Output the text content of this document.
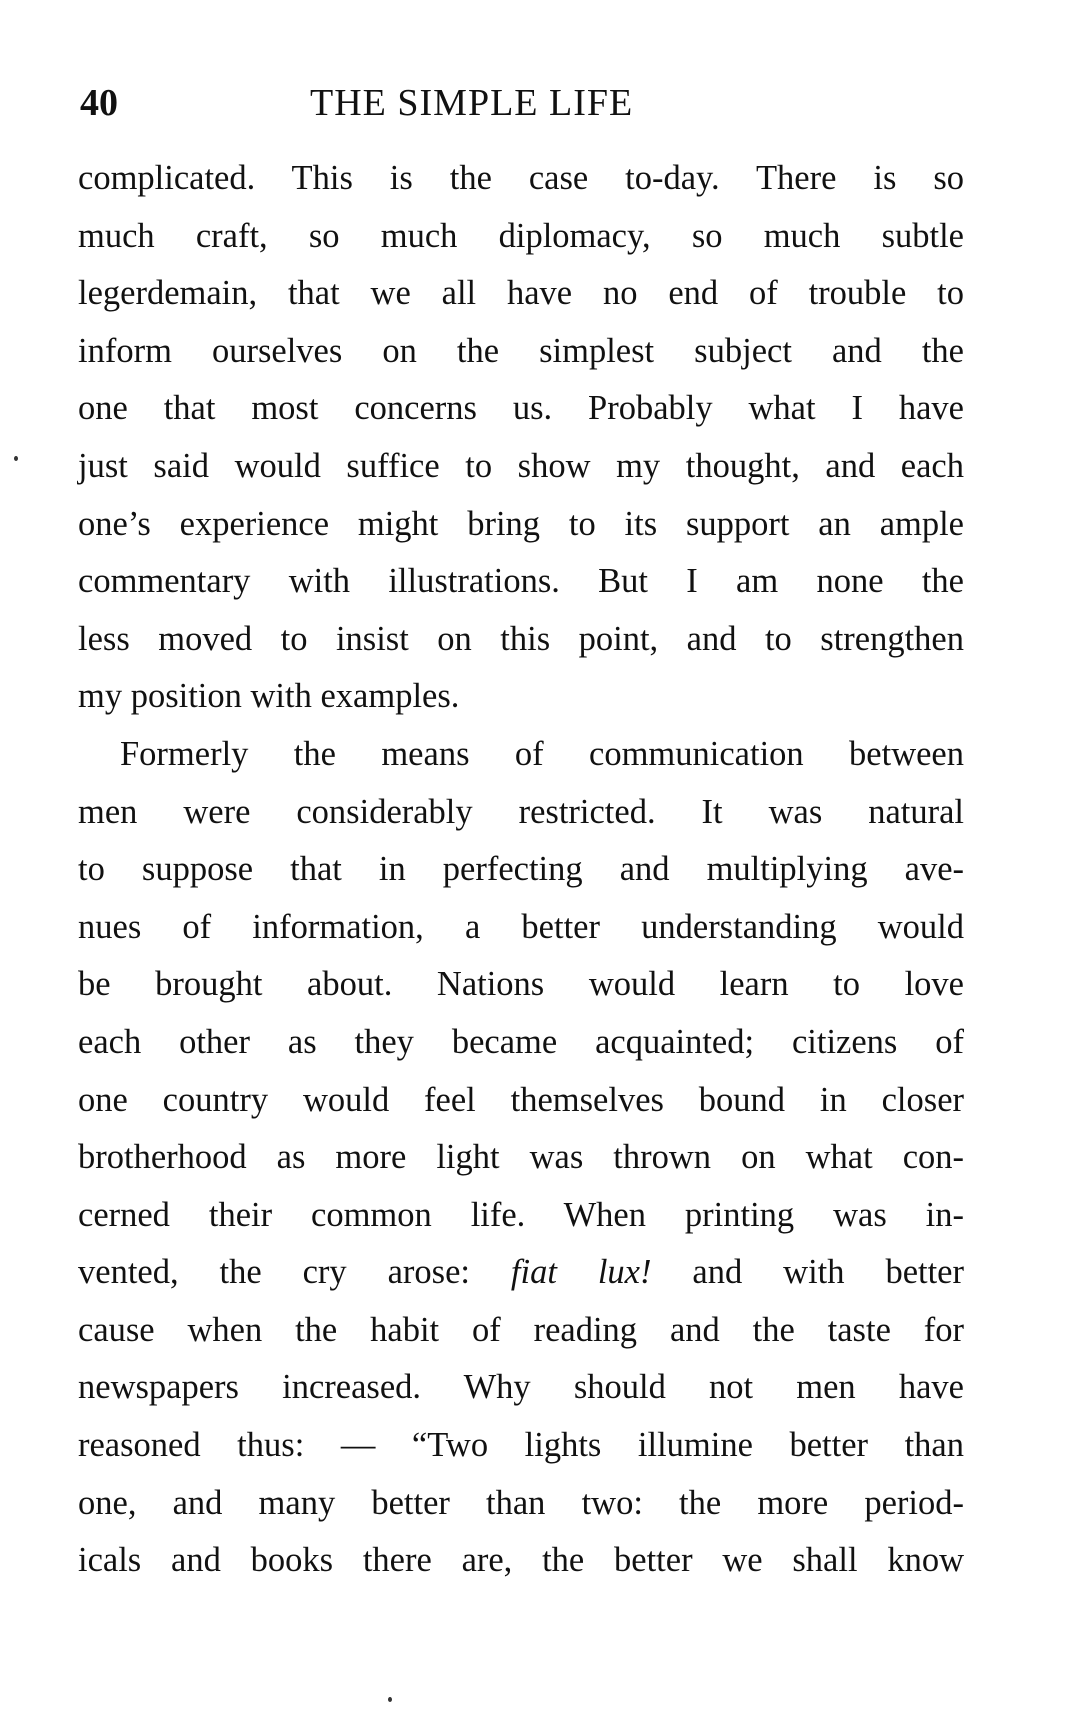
40	THE SIMPLE LIFE
complicated. This is the case to-day. There is so
much craft, so much diplomacy, so much subtle
legerdemain, that we all have no end of trouble to
inform ourselves on the simplest subject and the
one that most concerns us. Probably what I have
just said would suffice to show my thought, and each
one’s experience might bring to its support an ample
commentary with illustrations. But I am none the
less moved to insist on this point, and to strengthen
my position with examples.
Formerly the means of communication between
men were considerably restricted. It was natural
to suppose that in perfecting and multiplying ave-
nues of information, a better understanding would
be brought about. Nations would learn to love
each other as they became acquainted; citizens of
one country would feel themselves bound in closer
brotherhood as more light was thrown on what con-
cerned their common life. When printing was in-
vented, the cry arose: fiat lux! and with better
cause when the habit of reading and the taste for
newspapers increased. Why should not men have
reasoned thus: — “Two lights illumine better than
one, and many better than two: the more period-
icals and books there are, the better we shall know
